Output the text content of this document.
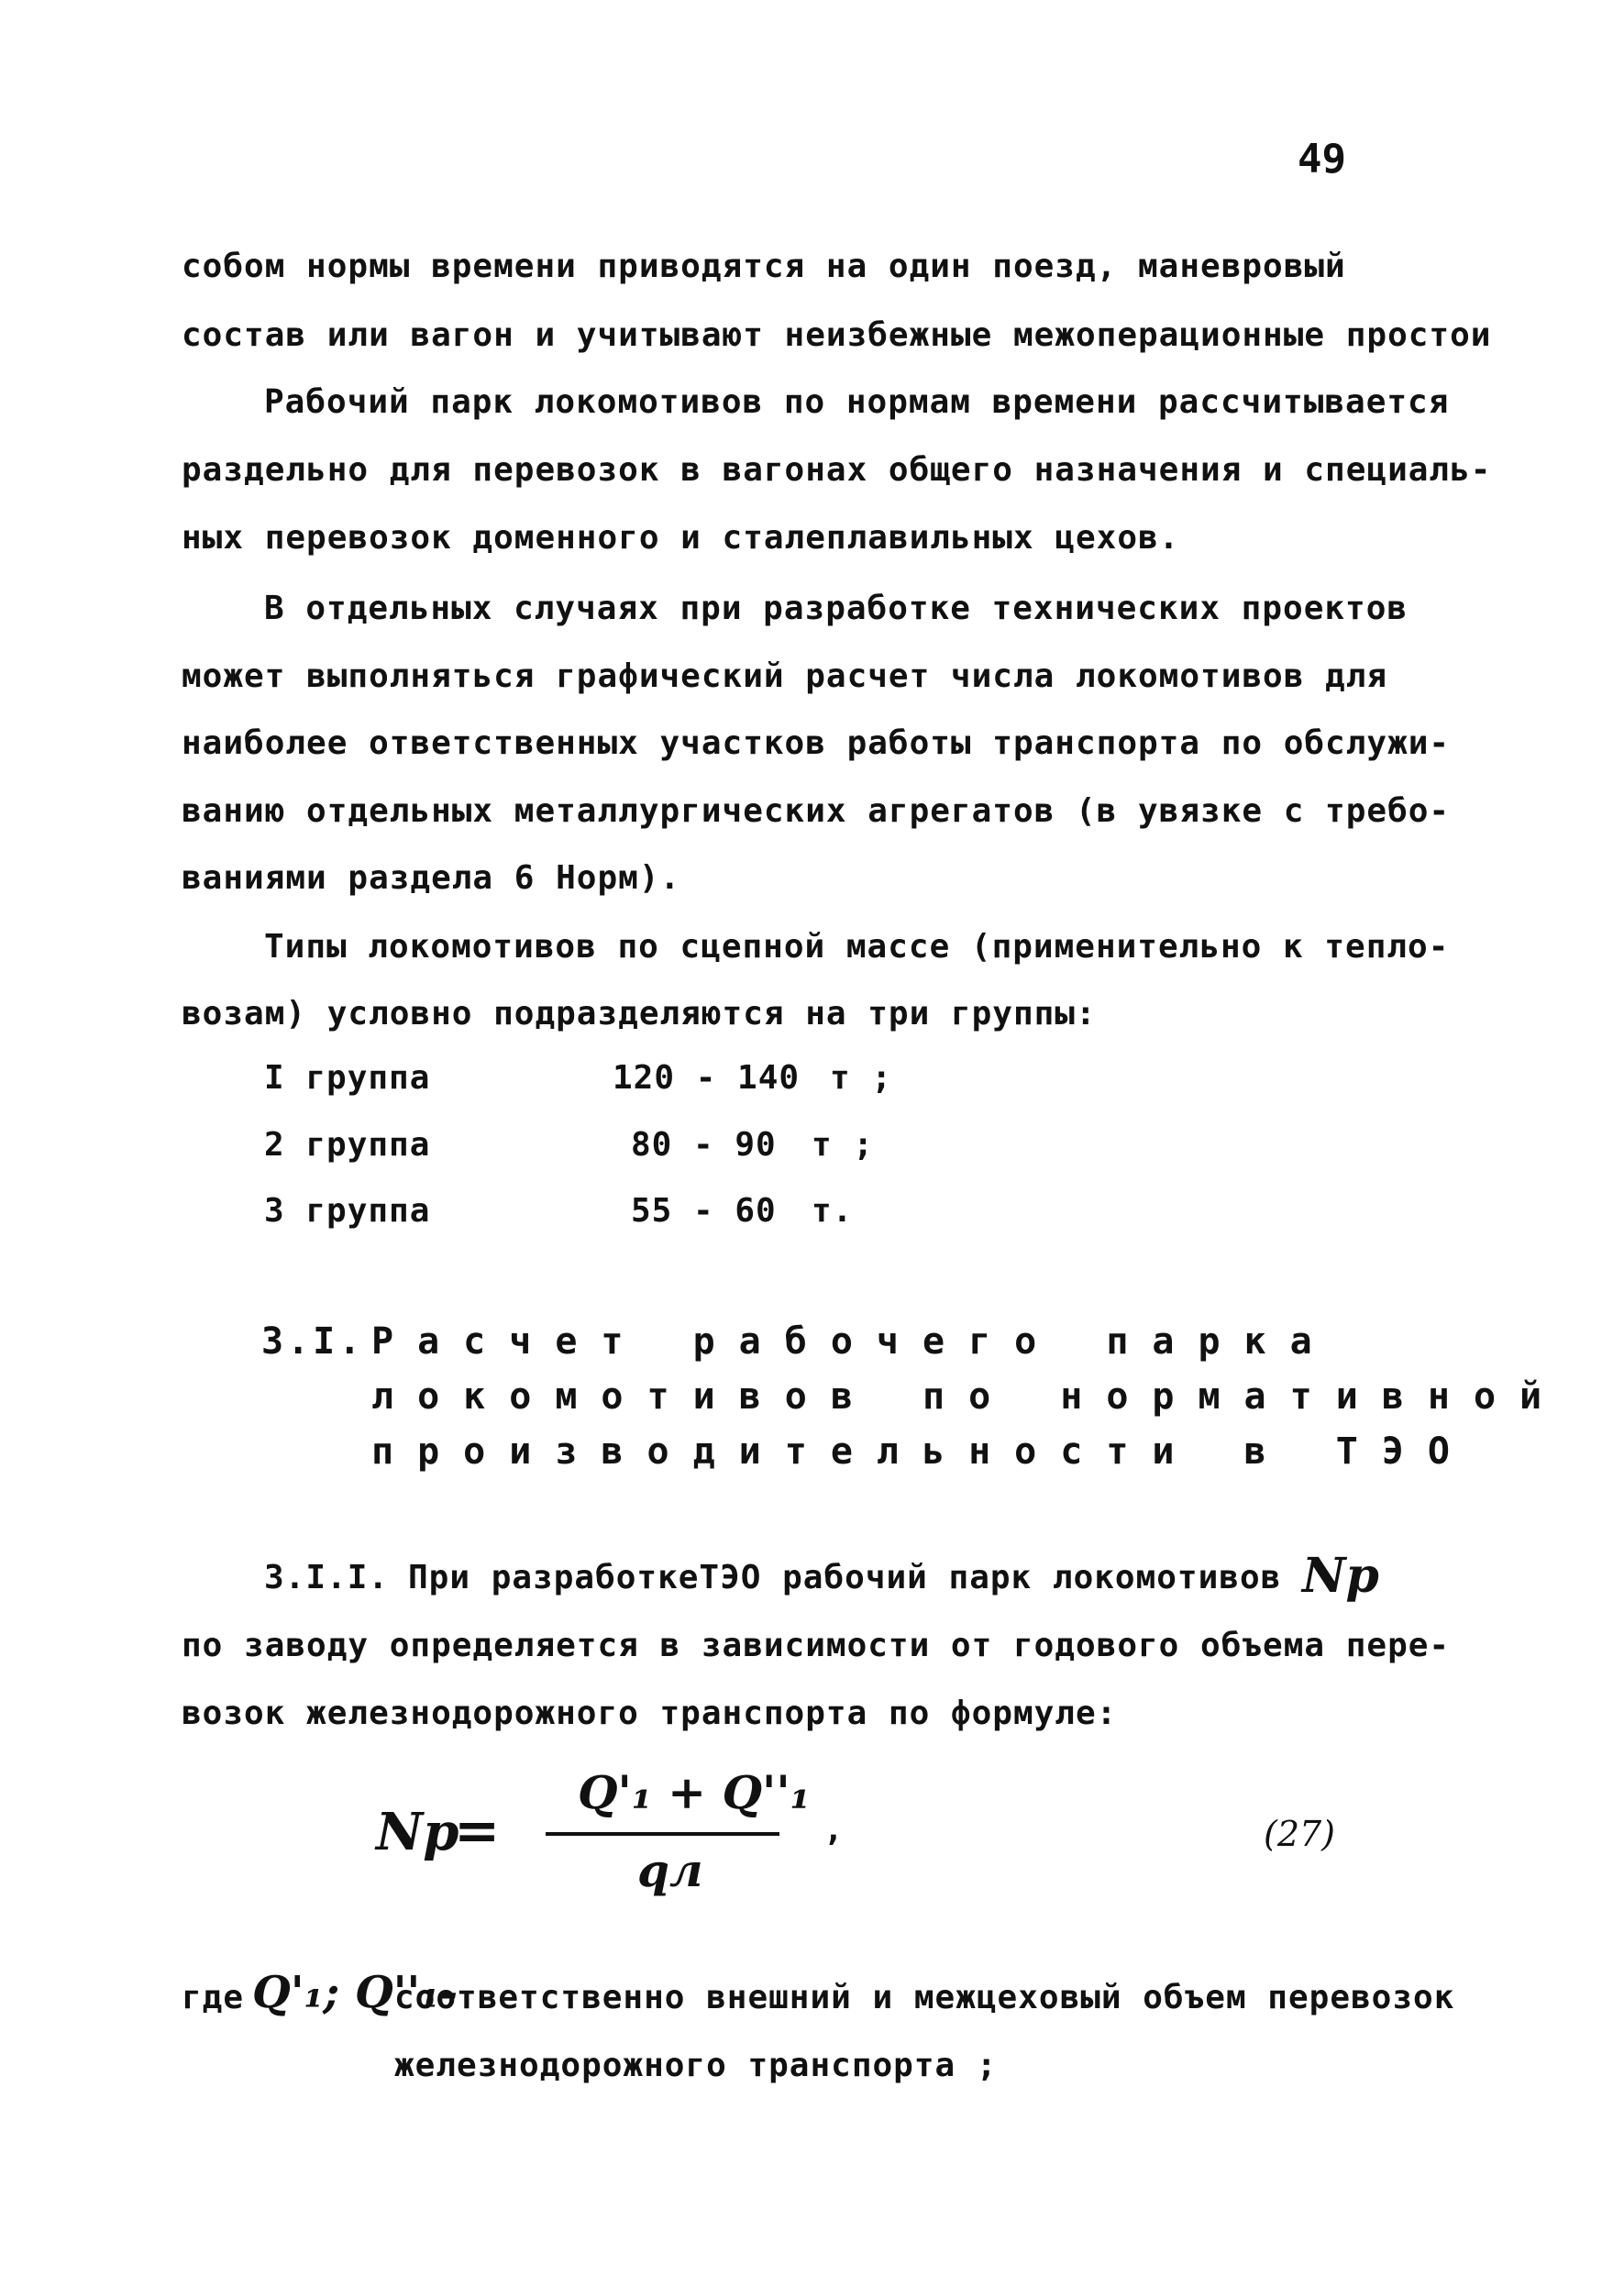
49
собом нормы времени приводятся на один поезд, маневровый
состав или вагон и учитывают неизбежные межоперационные простои
Рабочий парк локомотивов по нормам времени рассчитывается
раздельно для перевозок в вагонах общего назначения и специаль-
ных перевозок доменного и сталеплавильных цехов.
В отдельных случаях при разработке технических проектов
может выполняться графический расчет числа локомотивов для
наиболее ответственных участков работы транспорта по обслужи-
ванию отдельных металлургических агрегатов (в увязке с требо-
ваниями раздела 6 Норм).
Типы локомотивов по сцепной массе (применительно к тепло-
возам) условно подразделяются на три группы:
I группа	120 - 140 т ;
2 группа	80 - 90 т ;
3 группа	55 - 60 т.
3.I. Расчет рабочего парка
локомотивов по нормативной
производительности в ТЭО
3.I.I. При разработкеТЭО рабочий парк локомотивов Np
по заводу определяется в зависимости от годового объема пере-
возок железнодорожного транспорта по формуле:
Np
=
Q'₁ + Q''₁
qл
,	(27)
где Q'₁; Q''₁-
соответственно внешний и межцеховый объем перевозок
железнодорожного транспорта ;
